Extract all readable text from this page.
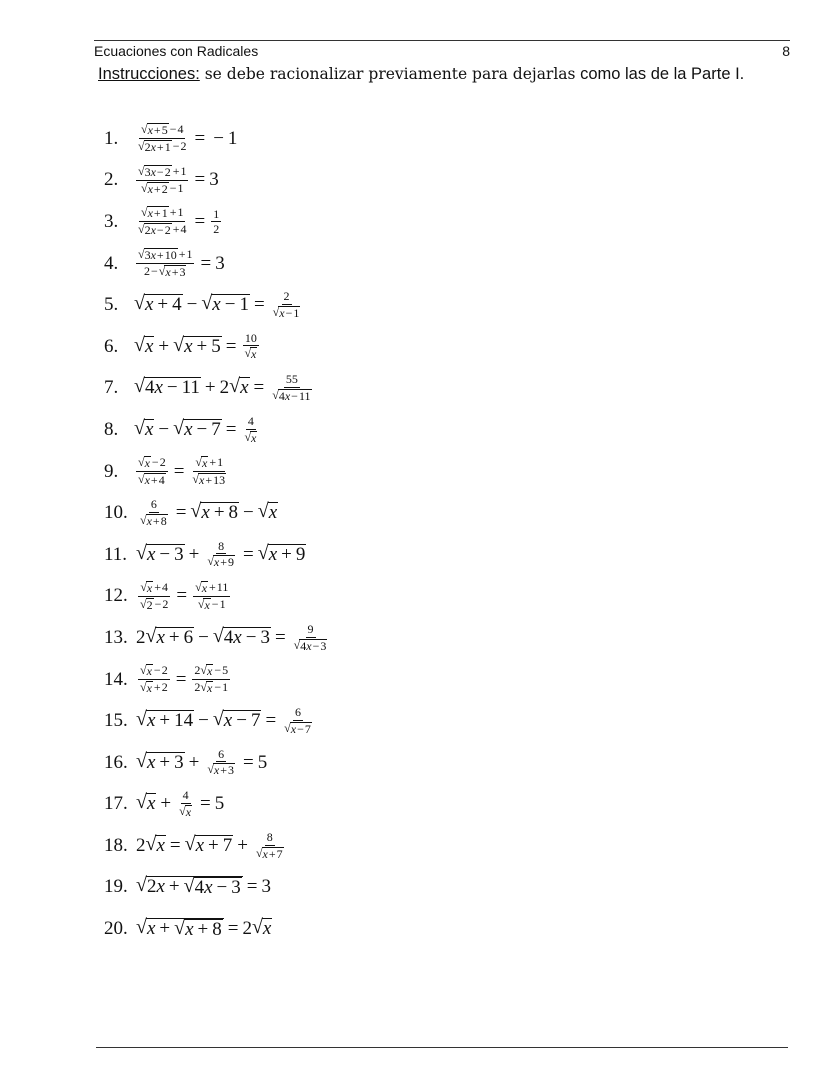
Ecuaciones con Radicales	8
Instrucciones: se debe racionalizar previamente para dejarlas como las de la Parte I.
1.	$\frac{√ x+5 -4}{√ 2x+1 -2}$ = − 1
2.	$\frac{√ 3x-2 +1}{√ x+2 -1} = 3$
3.	$\frac{√ x+1 +1}{√ 2x-2 +4} = \frac{1}{2}$
4.	$\frac{√ 3x+10 +1}{2- √ x+3} = 3$
5. √ x + 4 − √ $x - 1 = \frac{2}{√ x-1}$
6. √ x + √ $x + 5 = \frac{10}{√ x}$
7. √ 4x − 11 + 2 √ $x = \frac{55}{√ 4x-11}$
8. √ x − √ $x - 7 = \frac{4}{√ x}$
9.	$\frac{√ x -2}{√ x+4} = \frac{√ x +1}{√ x+13}$
10. $\frac{6}{√ x+8}$ = √ x + 8 − √ x
11. √ $x - 3 + \frac{8}{√ x+9}$ = √ x + 9
12. $\frac{√ x +4}{√ 2 -2} = \frac{√ x +11}{√ x -1}$
13. 2 √ x + 6 − √ $4x - 3 = \frac{9}{√ 4x-3}$
14. $\frac{√ x -2}{√ x +2} = \frac{2 √ x -5}{2 √ x -1}$
15. √ x + 14 − √ $x - 7 = \frac{6}{√ x-7}$
16. √ $x + 3 + \frac{6}{√ x+3} = 5$
17. √ $x + \frac{4}{√ x} = 5$
18. 2 √ x = √ $x + 7 + \frac{8}{√ x+7}$
19. √ 2x + √ 4x − 3 = 3
20. √ x + √ x + 8 = 2 √ x
